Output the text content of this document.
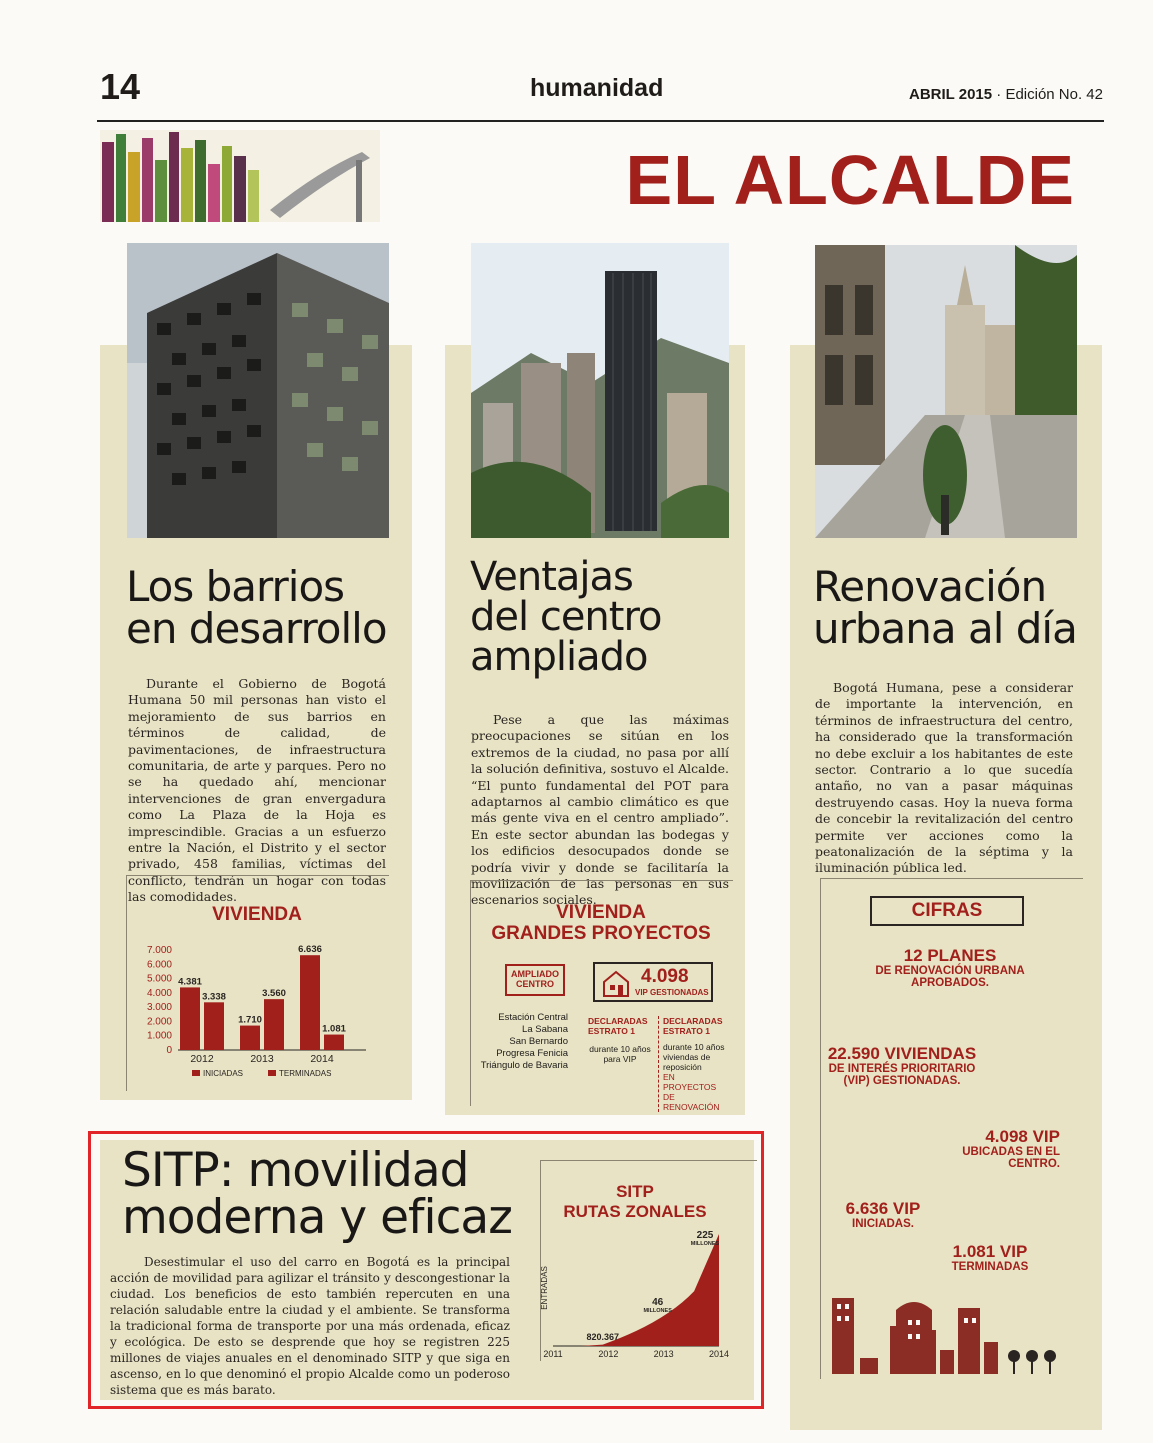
14	humanidad	ABRIL 2015 · Edición No. 42
EL ALCALDE
Los barrios
en desarrollo
Durante el Gobierno de Bogotá Humana 50 mil personas han visto el mejoramiento de sus barrios en términos de calidad, de pavimentaciones, de infraestructura comunitaria, de arte y parques. Pero no se ha quedado ahí, mencionar intervenciones de gran envergadura como La Plaza de la Hoja es imprescindible. Gracias a un esfuerzo entre la Nación, el Distrito y el sector privado, 458 familias, víctimas del conflicto, tendrán un hogar con todas las comodidades.
VIVIENDA
7.000
6.000
5.000
4.000
3.000
2.000
1.000
0
4.381
3.338
2012
1.710
3.560
2013
6.636
1.081
2014
INICIADAS	TERMINADAS
Ventajas
del centro
ampliado
Pese a que las máximas preocupaciones se sitúan en los extremos de la ciudad, no pasa por allí la solución definitiva, sostuvo el Alcalde. “El punto fundamental del POT para adaptarnos al cambio climático es que más gente viva en el centro ampliado”. En este sector abundan las bodegas y los edificios desocupados donde se podría vivir y donde se facilitaría la movilización de las personas en sus escenarios sociales.
VIVIENDA
GRANDES PROYECTOS
AMPLIADO CENTRO	4.098
VIP GESTIONADAS
Estación Central
La Sabana
San Bernardo
Progresa Fenicia
Triángulo de Bavaria
DECLARADAS ESTRATO 1
durante 10 años para VIP
DECLARADAS ESTRATO 1
durante 10 años viviendas de reposición
EN PROYECTOS DE RENOVACIÓN
Renovación
urbana al día
Bogotá Humana, pese a considerar de importante la intervención, en términos de infraestructura del centro, ha considerado que la transformación no debe excluir a los habitantes de este sector. Contrario a lo que sucedía antaño, no van a pasar máquinas destruyendo casas. Hoy la nueva forma de concebir la revitalización del centro permite ver acciones como la peatonalización de la séptima y la iluminación pública led.
CIFRAS
12 PLANES
DE RENOVACIÓN URBANA APROBADOS.
22.590 VIVIENDAS
DE INTERÉS PRIORITARIO (VIP) GESTIONADAS.
4.098 VIP
UBICADAS EN EL CENTRO.
6.636 VIP
INICIADAS.
1.081 VIP
TERMINADAS
SITP: movilidad
moderna y eficaz
Desestimular el uso del carro en Bogotá es la principal acción de movilidad para agilizar el tránsito y descongestionar la ciudad. Los beneficios de esto también repercuten en una relación saludable entre la ciudad y el ambiente. Se transforma la tradicional forma de transporte por una más ordenada, eficaz y ecológica. De esto se desprende que hoy se registren 225 millones de viajes anuales en el denominado SITP y que siga en ascenso, en lo que denominó el propio Alcalde como un poderoso sistema que es más barato.
SITP
RUTAS ZONALES
ENTRADAS
2011	2012	2013	2014
820.367
46
MILLONES
225
MILLONES
